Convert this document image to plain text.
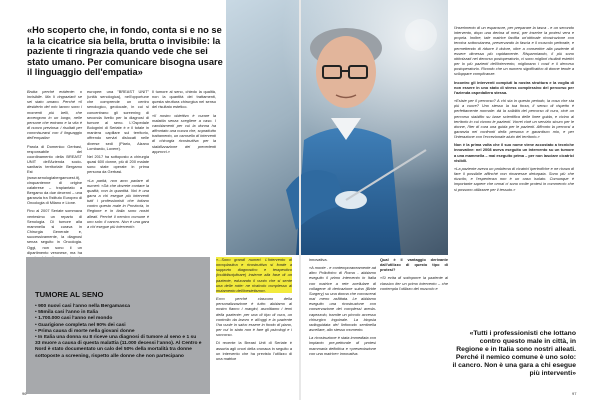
«Ho scoperto che, in fondo, conta si e no se la la cicatrice sia bella, brutta o invisibile: la paziente ti ringrazia quando vede che sei stato umano. Per comunicare bisogna usare il linguaggio dell'empatia»

Brutta perché evidente: o invisibile. Ma lì ringraziarti se sei stato umano. Perché «il desiderio del mio lavoro sono i momenti più belli, che avvengono in un luogo, nelle persone che entrano e la vita è di nuovo preziosa: i risultati per commisurarsi con il linguaggio dell'empatia»

Parola di Domenico Gerbasi, responsabile del coordinamento della BREAST UNIT dell'Azienda socio-sanitaria territoriale Bergamo Est (www.senologiabergamoest.it), cinquantenne di origine calabrese – trapiantato a Bergamo da due decenni – una garanzia tra l'Istituto Europeo di Oncologia di Milano e Lione.

Fino al 2007 Seriate sommava ventesimo un reparto di Senologia. Di tumore alla mammella si curava in Chirurgia Generale e, successivamente, la diagnosi senza seguito in Oncologia. Oggi, non sono il un dipartimento veronese, ma ha

europee: una "BREAST UNIT" (unità senologica), nell'opportune che comprende un centro senologico, geolocale, in cui si concentrano gli screening di seconda livello per la diagnosi di tumore al seno. L'Ospedale Bolognini di Seriate è e il totale in maniera capillare sul territorio, offrendo servizi dislocati nelle diverse sedi (Piario, Alzano Lombardo, Lovere).

Nel 2017 ha sottoposto a chirurgia quasi 600 donne, più di 200 malate sono state operate in prima persona da Gerbasi.

«La parità, non amo parlare di numeri: «Dà che dovrete contare la qualità, non la quantità. Noi è una garra a chi esegue più interventi tutti i professionisti che lottano contro questo male in Provincia, in Regione e in Italia sono nostri alleati. Perché il nemico comune è uno solo: il cancro. Non è una gara a chi esegue più interventi».

Il tumore al seno, chiedo la qualità, non la quantità dei trattamenti, questa struttura chirurgica nel senso del risultato estetico.

«Il nostro obiettivo è curare la malattia senza scegliere a caso. I cambiamenti per cui la donna ha affrontato una nuova che, soprattutto trattamento, un carosello di interventi di chirurgia ricostruttiva per la stabilizzazione dei precedenti approcci.»

TUMORE AL SENO
• 900 nuovi casi l'anno nella Bergamasca
• 55mila casi l'anno in Italia
• 1.700.000 casi l'anno nel mondo
• Guarigione completa nel 90% dei casi
• Prima causa di morte nella giovani donne
• In Italia una donna su 8 riceve una diagnosi di tumore al seno e 1 su 33 muore a causa di questa malattia (11.000 decessi l'anno). Al Centro e Nord è stato documentato un calo del 50% della mortalità tra donne sottoposte a screening, rispetto alle donne che non partecipano

«...Sono grandi numeri. L'intervento di oncoplastica e ricostruttiva si fonde a supporto diagnostico e terapeutico (multidisciplinare) insieme alla fase di un paziente, educando il vuoto che si sente una delle rotte: ne ricalcolo complesso al mutamento dell'inestetismo».

Ecco perché ciascuno della personalizzazione è tutto: abbiamo al nostro fianco i margini, ascoltiamo i temi della paziente: per una di tipo di cura, un controllo da lavoro e all'oggi e la paziente l'ha vuole in salvo essere in fondo di piano, per cui lo stato non è fare gli psicologi e i soccorso.

Di recente la Breast Unit di Seriate è assurta agli onori della cronaca in seguito a un intervento che ha previsto l'utilizzo di una matrice

96

innovativa.

«A monte - e contemporaneamente ad altro Policlinico di Roma - abbiamo eseguito il primo intervento in Italia con matrice a rete acellulare di collagene di derivazione suina (Bride Surgery) su una donna che conoscerai mai meno asfittata. Le abbiamo eseguito una ricostruzione con conservazione dei complessi areola-capezzolo, tramite un piccolo accesso chirurgico inguinale. La biopsia radioguidata del linfonodo sentinella ascellare, allo stesso momento.

La ricostruzione è stata immediata con impianto pre-pettorale di protesi mammaria definitiva e «presentazione con una matrice» innovativa.

Qual è il vantaggio derivante dall'utilizzo di questo tipo di protesi?

«Si evita di sottoporre la paziente al classico iter un primo intervento – che contempla l'utilizzo del muscolo e

l'inserimento di un espansore, per preparare la tasca - e un secondo intervento, dopo una decina di mesi, per inserire la protesi vera e propria. Inoltre, tale matrice facilita un'ottimale ricostruzione con tecnica sottocutanea, preservando la fascia e il muscolo pettorale, e permettendo di ridurre il dolore, oltre a consentire alla paziente di essere dimessa più rapidamente. Risparmiando, il più sono ottimizzati nel decorso postoperatorio, ci sono migliori risultati estetici per lo più pazienti dell'intervento, migliorano i costi e il decorso postoperatorio. Ricordo che un numero significativo di donne tende a sviluppare complicanze.

Incontro gli interventi compiuti la nostra struttura e la voglia di non essere in uno stato di stress complessivo del percorso per l'azienda ospedaliera stessa.

«Esiste per il percorso? A chi sta in questo periodo, la cosa che sta più a cuore? Uno stesso la tua forza, il senso di rispetto è perfettamente normale: dà la solidità del percorso di cura, cioè un percorso stabilito su base scientifica delle linee guida, e vicino al territorio in cui vivono le pazienti. Vorrei cioè un servizio sicuro per le donne, l'iter di cura una guida per le pazienti. Affronto la percorsi a garanzia nei confronti della persona e garantisco mio, e per l'interazione con l'eccezionale aiuto del territorio.»

Non è la prima volta che il suo nome viene accostato a tecniche innovative: nel 2008 aveva eseguito un intervento su un tumore a una mammella – mai eseguito prima – per non lasciare cicatrici visibili.

«La paziente aveva un problema di cicatrici ipertrofiche e ne ricava di fare il possibile affinché non rimanesse deturpata. Sono più che riuscito, e l'esperienza non è un caso isolato. Comunque è importante sapere che ormai ci sono molte protesi in commercio che si possono utilizzare per il tessuto.»

«Tutti i professionisti che lottano contro questo male in città, in Regione e in Italia sono nostri alleati. Perché il nemico comune è uno solo: il cancro. Non è una gara a chi esegue più interventi»
97
